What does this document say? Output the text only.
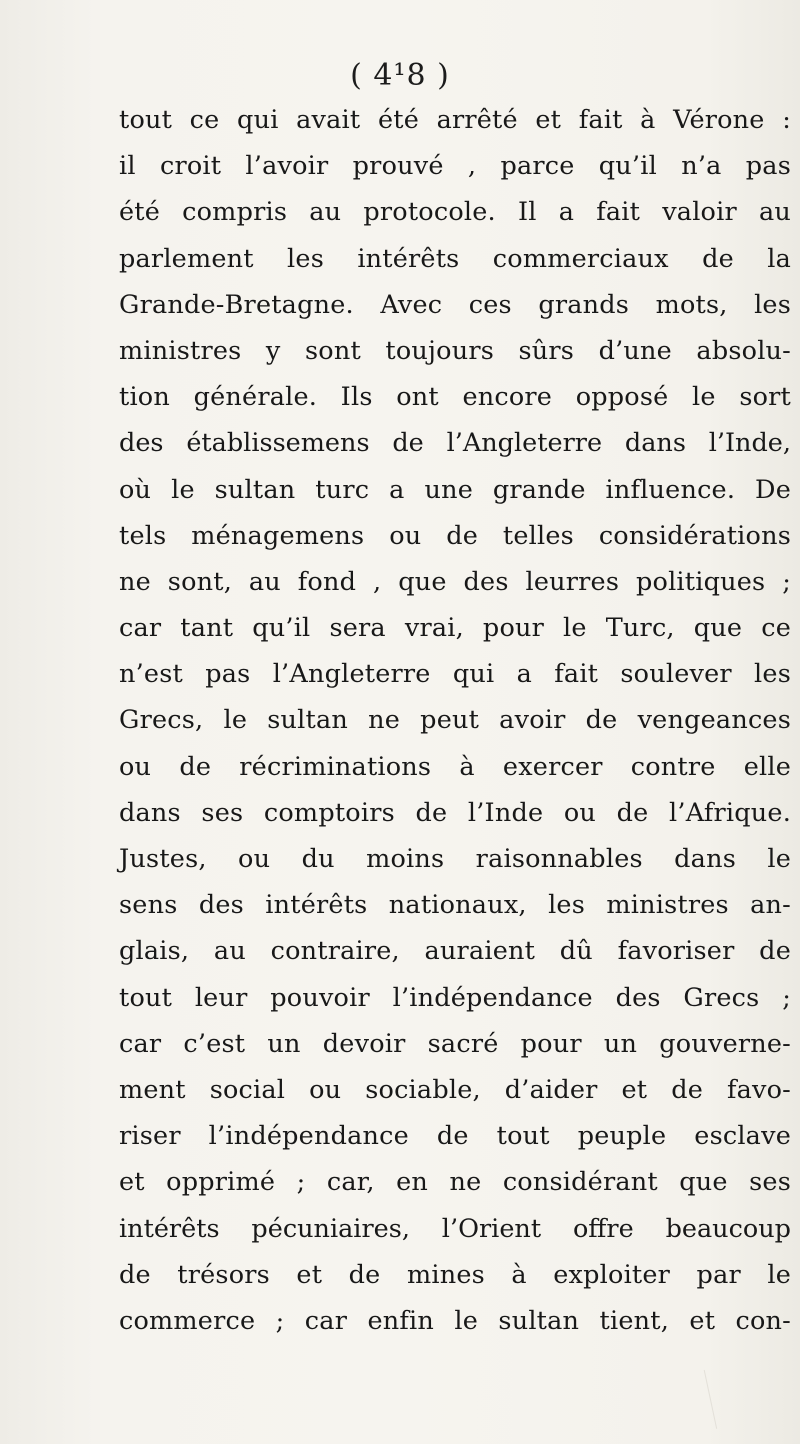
( 4¹8 )
tout ce qui avait été arrêté et fait à Vérone :
il croit l’avoir prouvé , parce qu’il n’a pas
été compris au protocole. Il a fait valoir au
parlement les intérêts commerciaux de la
Grande-Bretagne. Avec ces grands mots, les
ministres y sont toujours sûrs d’une absolu-
tion générale. Ils ont encore opposé le sort
des établissemens de l’Angleterre dans l’Inde,
où le sultan turc a une grande influence. De
tels ménagemens ou de telles considérations
ne sont, au fond , que des leurres politiques ;
car tant qu’il sera vrai, pour le Turc, que ce
n’est pas l’Angleterre qui a fait soulever les
Grecs, le sultan ne peut avoir de vengeances
ou de récriminations à exercer contre elle
dans ses comptoirs de l’Inde ou de l’Afrique.
Justes, ou du moins raisonnables dans le
sens des intérêts nationaux, les ministres an-
glais, au contraire, auraient dû favoriser de
tout leur pouvoir l’indépendance des Grecs ;
car c’est un devoir sacré pour un gouverne-
ment social ou sociable, d’aider et de favo-
riser l’indépendance de tout peuple esclave
et opprimé ; car, en ne considérant que ses
intérêts pécuniaires, l’Orient offre beaucoup
de trésors et de mines à exploiter par le
commerce ; car enfin le sultan tient, et con-
